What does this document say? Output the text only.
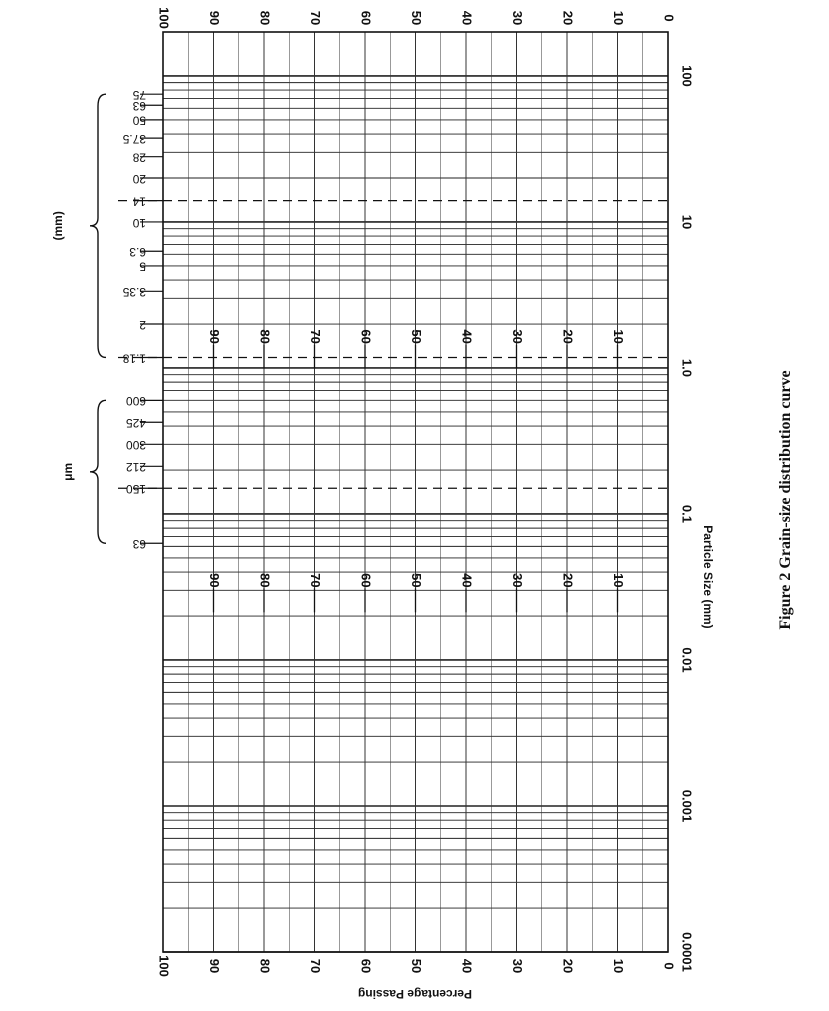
75
63
50
37.5
28
20
14
10
6.3
5
3.35
2
1.18
600
425
300
212
150
63
0
0
10
10
20
20
30
30
40
40
50
50
60
60
70
70
80
80
90
90
100
100
10
20
30
40
50
60
70
80
90
10
20
30
40
50
60
70
80
90
0.0001
0.001
0.01
0.1
1.0
10
100
Particle Size (mm)
Percentage Passing
(mm)
μm	Figure 2 Grain-size distribution curve
